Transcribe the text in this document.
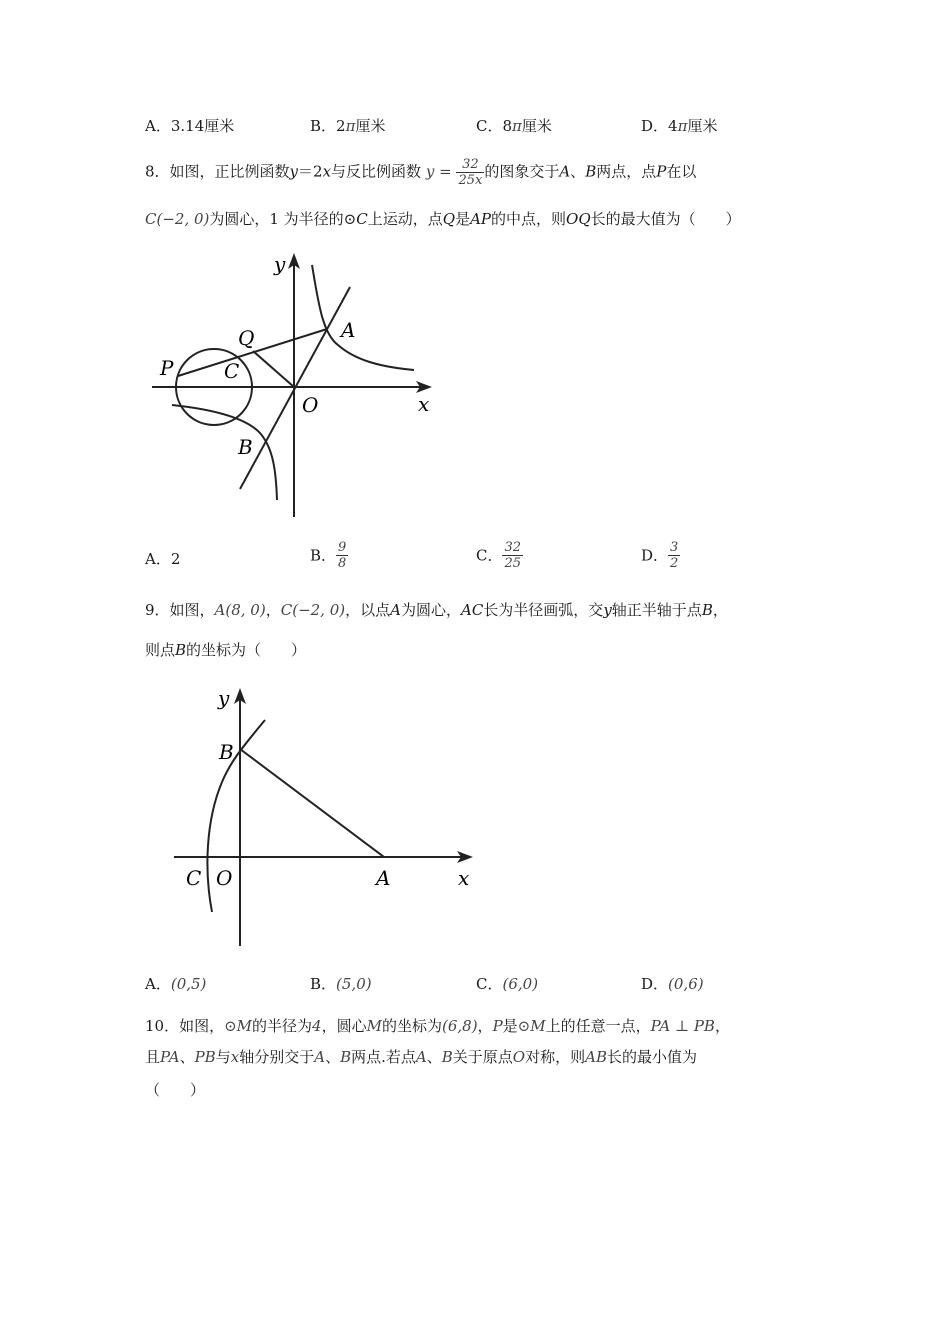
A．3.14厘米	B．2π厘米	C．8π厘米	D．4π厘米
8．如图，正比例函数y＝2x与反比例函数 $y = \frac{32}{25x}$ 的图象交于A、B两点，点P在以
C(−2, 0)为圆心，1 为半径的⊙C上运动，点Q是AP的中点，则OQ长的最大值为（　　）
y
x
O
A
B
C
P
Q
A．2	B． $\frac{9}{8}$	C． $\frac{32}{25}$	D． $\frac{3}{2}$
9．如图，A(8, 0)，C(−2, 0)，以点A为圆心，AC长为半径画弧，交y轴正半轴于点B，
则点B的坐标为（　　）
y
x
O	A
B
C
A．(0,5)	B．(5,0)	C．(6,0)	D．(0,6)
10．如图，⊙M的半径为4，圆心M的坐标为(6,8)，P是⊙M上的任意一点，PA ⊥ PB，
且PA、PB与x轴分别交于A、B两点.若点A、B关于原点O对称，则AB长的最小值为
（　　）
